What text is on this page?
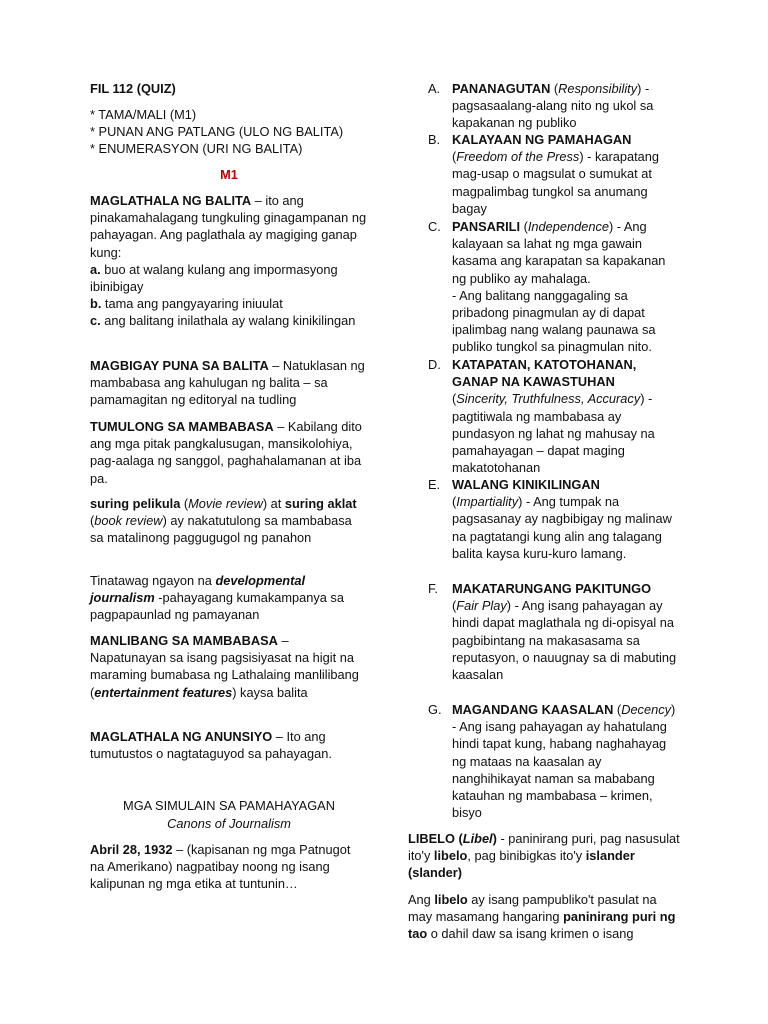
FIL 112 (QUIZ)

* TAMA/MALI (M1)

* PUNAN ANG PATLANG (ULO NG BALITA)

* ENUMERASYON (URI NG BALITA)

M1

MAGLATHALA NG BALITA – ito ang pinakamahalagang tungkuling ginagampanan ng pahayagan. Ang paglathala ay magiging ganap kung:
a. buo at walang kulang ang impormasyong ibinibigay
b. tama ang pangyayaring iniuulat
c. ang balitang inilathala ay walang kinikilingan

MAGBIGAY PUNA SA BALITA – Natuklasan ng mambabasa ang kahulugan ng balita – sa pamamagitan ng editoryal na tudling

TUMULONG SA MAMBABASA – Kabilang dito ang mga pitak pangkalusugan, mansikolohiya, pag-aalaga ng sanggol, paghahalamanan at iba pa.

suring pelikula (Movie review) at suring aklat (book review) ay nakatutulong sa mambabasa sa matalinong paggugugol ng panahon

Tinatawag ngayon na developmental journalism -pahayagang kumakampanya sa pagpapaunlad ng pamayanan

MANLIBANG SA MAMBABASA – Napatunayan sa isang pagsisiyasat na higit na maraming bumabasa ng Lathalaing manlilibang (entertainment features) kaysa balita

MAGLATHALA NG ANUNSIYO – Ito ang tumutustos o nagtataguyod sa pahayagan.

MGA SIMULAIN SA PAMAHAYAGAN

Canons of Journalism

Abril 28, 1932 – (kapisanan ng mga Patnugot na Amerikano) nagpatibay noong ng isang kalipunan ng mga etika at tuntunin…

A. PANANAGUTAN (Responsibility) - pagsasaalang-alang nito ng ukol sa kapakanan ng publiko
B. KALAYAAN NG PAMAHAGAN
(Freedom of the Press) - karapatang mag-usap o magsulat o sumukat at magpalimbag tungkol sa anumang bagay
C. PANSARILI (Independence) - Ang kalayaan sa lahat ng mga gawain kasama ang karapatan sa kapakanan ng publiko ay mahalaga.
- Ang balitang nanggagaling sa pribadong pinagmulan ay di dapat ipalimbag nang walang paunawa sa publiko tungkol sa pinagmulan nito.
D. KATAPATAN, KATOTOHANAN, GANAP NA KAWASTUHAN
(Sincerity, Truthfulness, Accuracy) - pagtitiwala ng mambabasa ay pundasyon ng lahat ng mahusay na pamahayagan – dapat maging makatotohanan
E. WALANG KINIKILINGAN
(Impartiality) - Ang tumpak na pagsasanay ay nagbibigay ng malinaw na pagtatangi kung alin ang talagang balita kaysa kuru-kuro lamang.
F. MAKATARUNGANG PAKITUNGO
(Fair Play) - Ang isang pahayagan ay hindi dapat maglathala ng di-opisyal na pagbibintang na makasasama sa reputasyon, o nauugnay sa di mabuting kaasalan
G. MAGANDANG KAASALAN (Decency) - Ang isang pahayagan ay hahatulang hindi tapat kung, habang naghahayag ng mataas na kaasalan ay nanghihikayat naman sa mababang katauhan ng mambabasa – krimen, bisyo

LIBELO (Libel) - paninirang puri, pag nasusulat ito'y libelo, pag binibigkas ito'y islander (slander)

Ang libelo ay isang pampubliko't pasulat na may masamang hangaring paninirang puri ng tao o dahil daw sa isang krimen o isang
